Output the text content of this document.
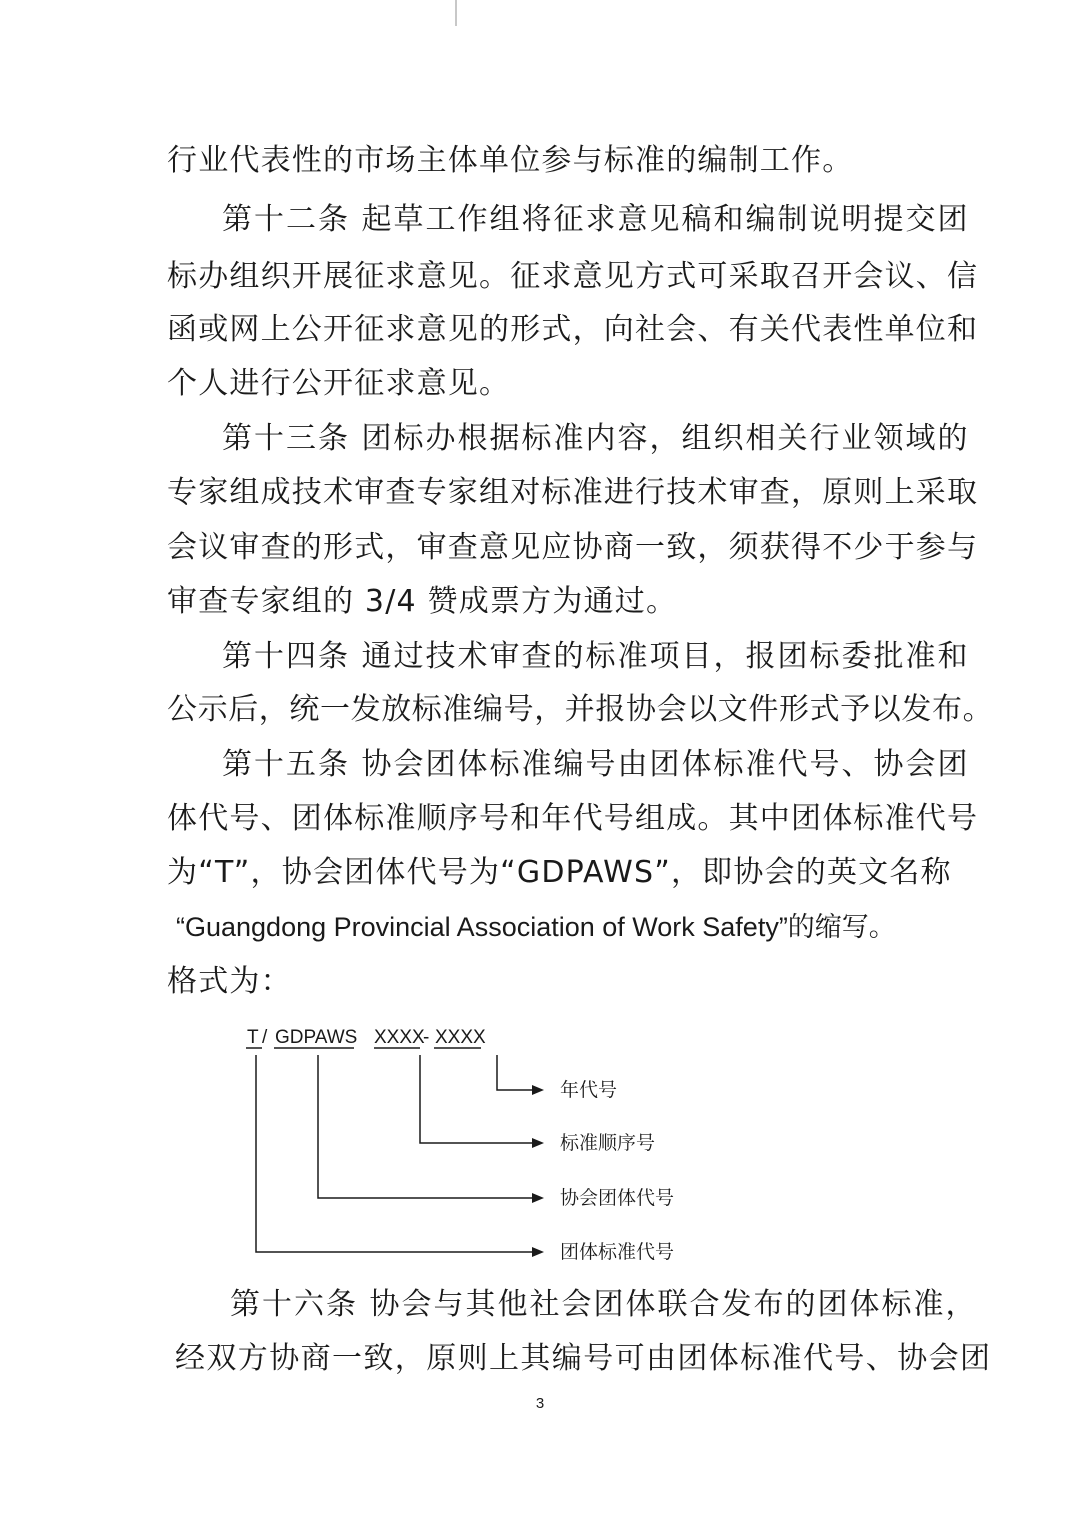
行业代表性的市场主体单位参与标准的编制工作。
第十二条 起草工作组将征求意见稿和编制说明提交团
标办组织开展征求意见。征求意见方式可采取召开会议、信
函或网上公开征求意见的形式，向社会、有关代表性单位和
个人进行公开征求意见。
第十三条 团标办根据标准内容，组织相关行业领域的
专家组成技术审查专家组对标准进行技术审查，原则上采取
会议审查的形式，审查意见应协商一致，须获得不少于参与
审查专家组的 3/4 赞成票方为通过。
第十四条 通过技术审查的标准项目，报团标委批准和
公示后，统一发放标准编号，并报协会以文件形式予以发布。
第十五条 协会团体标准编号由团体标准代号、协会团
体代号、团体标准顺序号和年代号组成。其中团体标准代号
为“T”，协会团体代号为“GDPAWS”，即协会的英文名称
“Guangdong Provincial Association of Work Safety”的缩写。
格式为：
T / GDPAWS XXXX
- XXXX
年代号
标准顺序号
协会团体代号
团体标准代号
第十六条 协会与其他社会团体联合发布的团体标准，
经双方协商一致，原则上其编号可由团体标准代号、协会团
3
